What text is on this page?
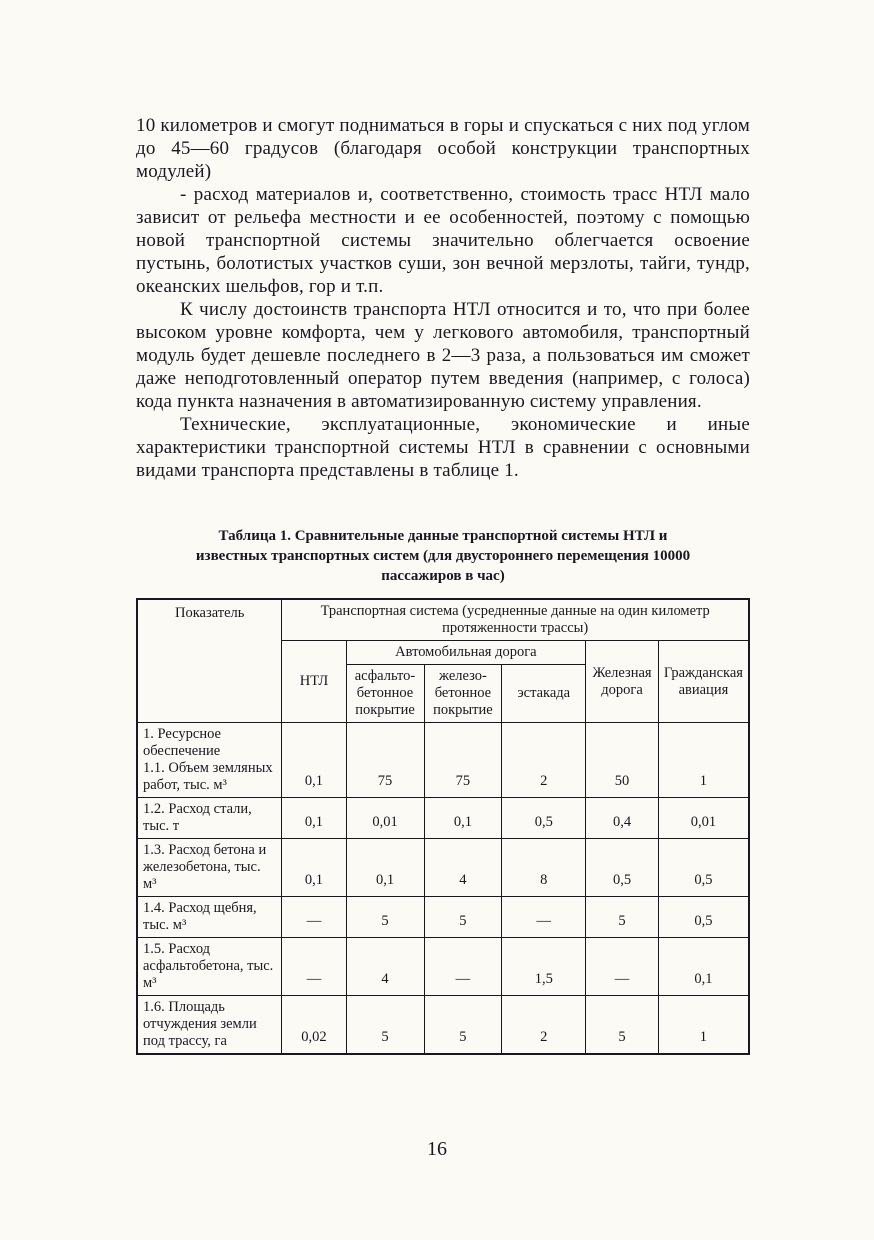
10 километров и смогут подниматься в горы и спускаться с них под углом до 45—60 градусов (благодаря особой конструкции транспортных модулей)

- расход материалов и, соответственно, стоимость трасс НТЛ мало зависит от рельефа местности и ее особенностей, поэтому с помощью новой транспортной системы значительно облегчается освоение пустынь, болотистых участков суши, зон вечной мерзлоты, тайги, тундр, океанских шельфов, гор и т.п.

К числу достоинств транспорта НТЛ относится и то, что при более высоком уровне комфорта, чем у легкового автомобиля, транспортный модуль будет дешевле последнего в 2—3 раза, а пользоваться им сможет даже неподготовленный оператор путем введения (например, с голоса) кода пункта назначения в автоматизированную систему управления.

Технические, эксплуатационные, экономические и иные характеристики транспортной системы НТЛ в сравнении с основными видами транспорта представлены в таблице 1.

Таблица 1. Сравнительные данные транспортной системы НТЛ и известных транспортных систем (для двустороннего перемещения 10000 пассажиров в час)
Показатель	Транспортная система (усредненные данные на один километр протяженности трассы)					
	НТЛ	Автомобильная дорога			Железная дорога	Гражданская авиация
		асфальто-бетонное покрытие	железо-бетонное покрытие	эстакада		

1. Ресурсное обеспечение
1.1. Объем земляных работ, тыс. м³	0,1	75	75	2	50	1
1.2. Расход стали, тыс. т	0,1	0,01	0,1	0,5	0,4	0,01
1.3. Расход бетона и железобетона, тыс. м³	0,1	0,1	4	8	0,5	0,5
1.4. Расход щебня, тыс. м³	—	5	5	—	5	0,5
1.5. Расход асфальтобетона, тыс. м³	—	4	—	1,5	—	0,1
1.6. Площадь отчуждения земли под трассу, га	0,02	5	5	2	5	1
16
